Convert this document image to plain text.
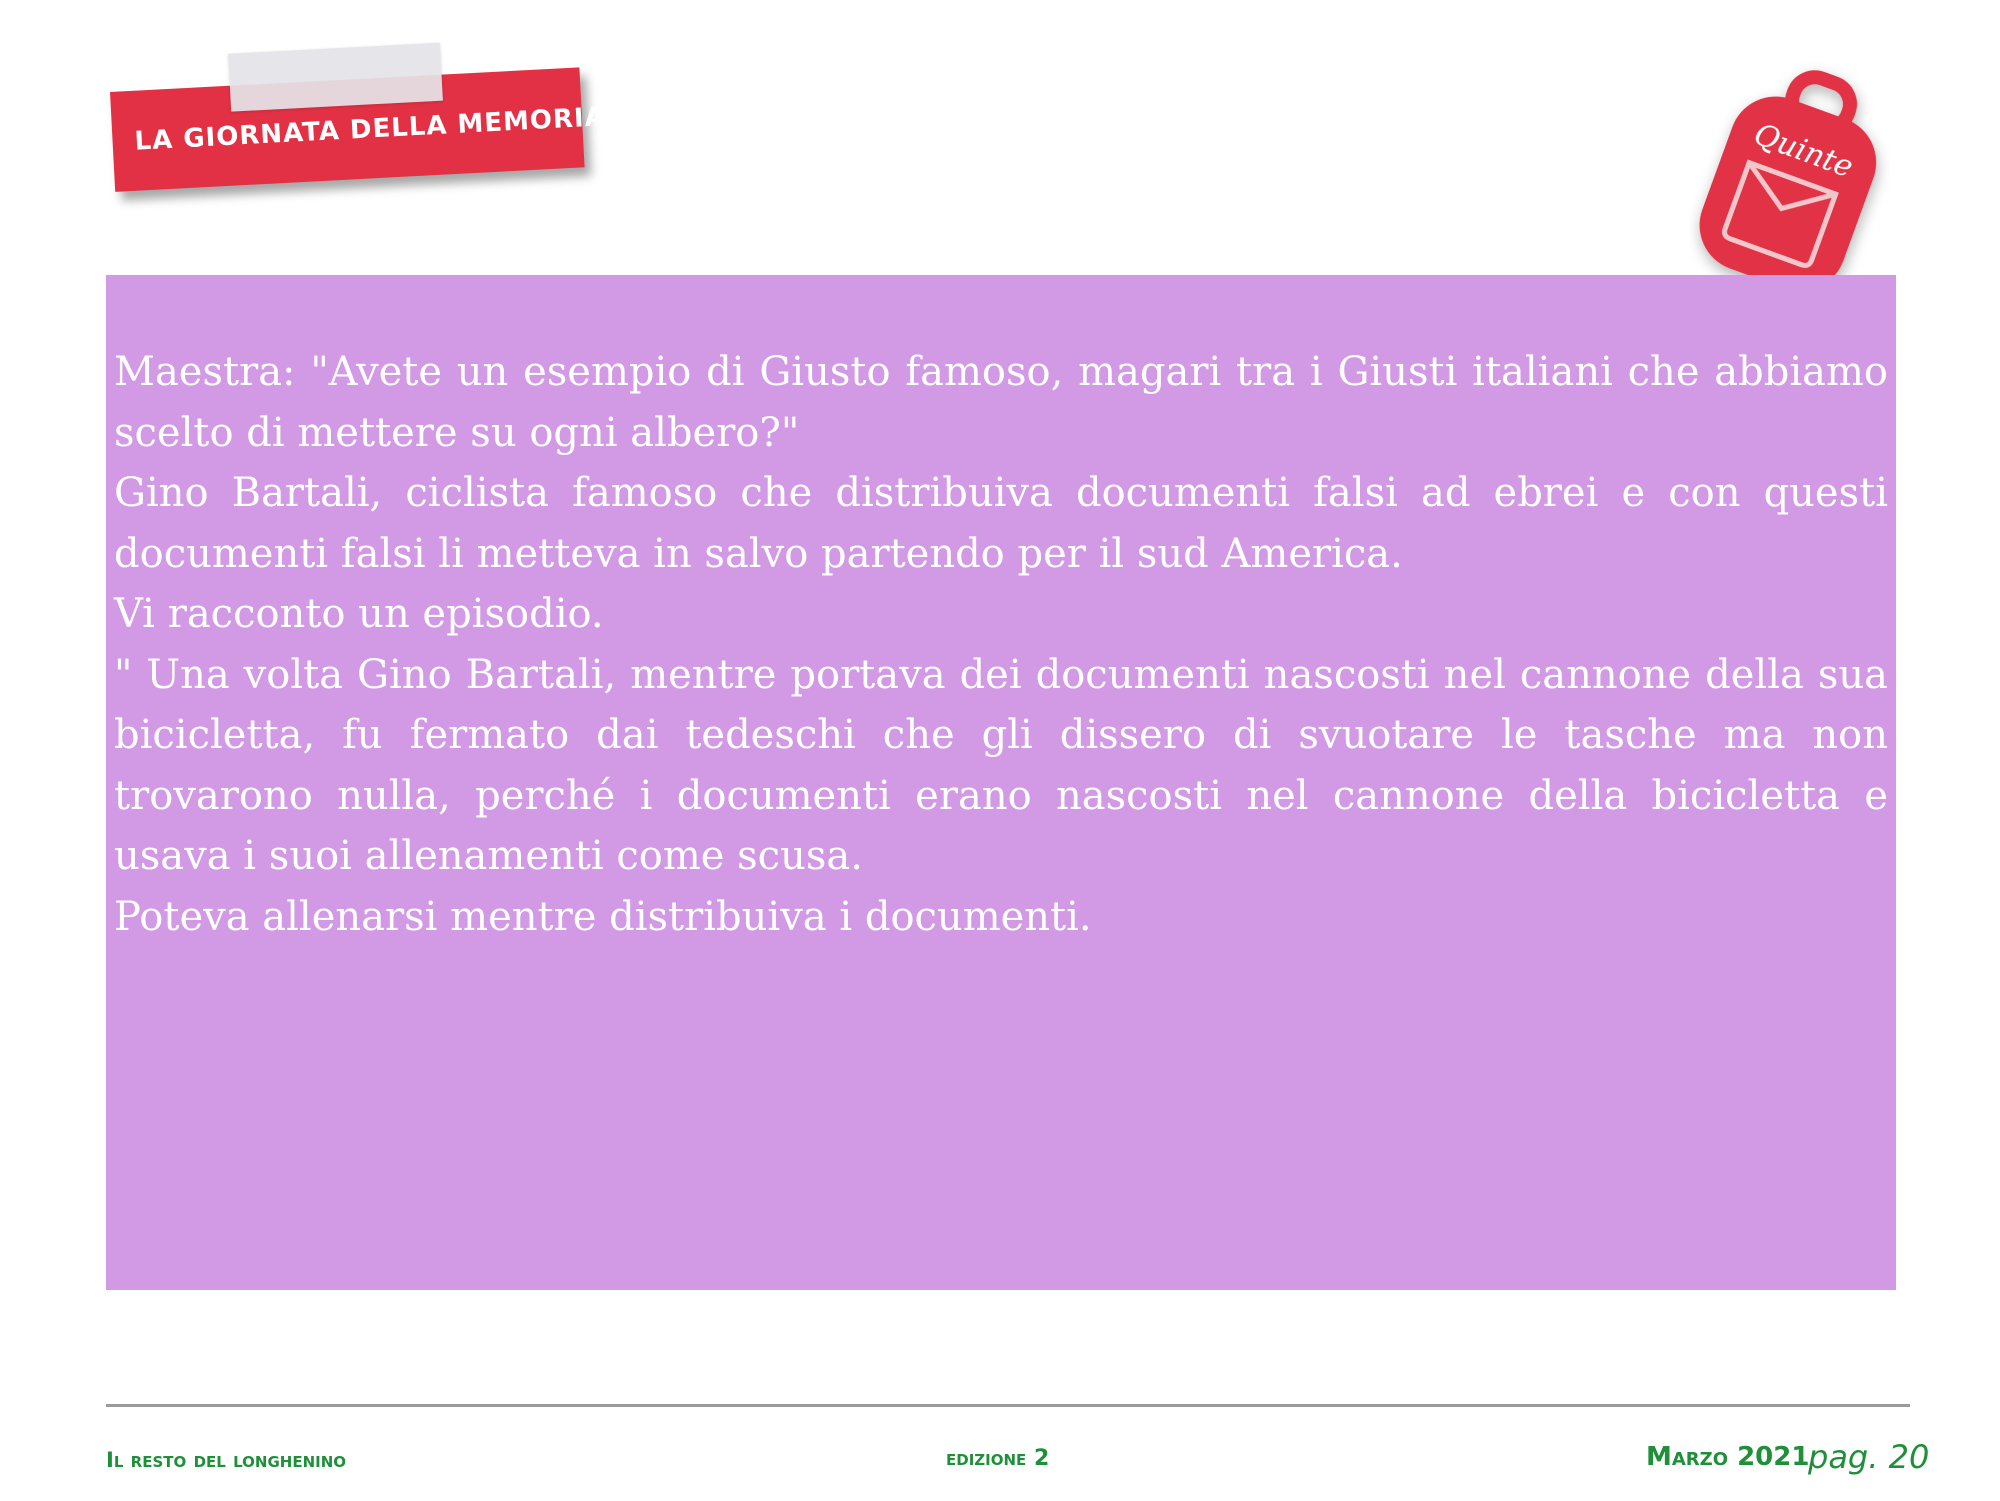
LA GIORNATA DELLA MEMORIA	Quinte

Maestra: "Avete un esempio di Giusto famoso, magari tra i Giusti italiani che abbiamo scelto di mettere su ogni albero?"

Gino Bartali, ciclista famoso che distribuiva documenti falsi ad ebrei e con questi documenti falsi li metteva in salvo partendo per il sud America.

Vi racconto un episodio.

" Una volta Gino Bartali, mentre portava dei documenti nascosti nel cannone della sua bicicletta, fu fermato dai tedeschi che gli dissero di svuotare le tasche ma non trovarono nulla, perché i documenti erano nascosti nel cannone della bicicletta e usava i suoi allenamenti come scusa.

Poteva allenarsi mentre distribuiva i documenti.

Il resto del longhenino	edizione 2	Marzo 2021
pag. 20
